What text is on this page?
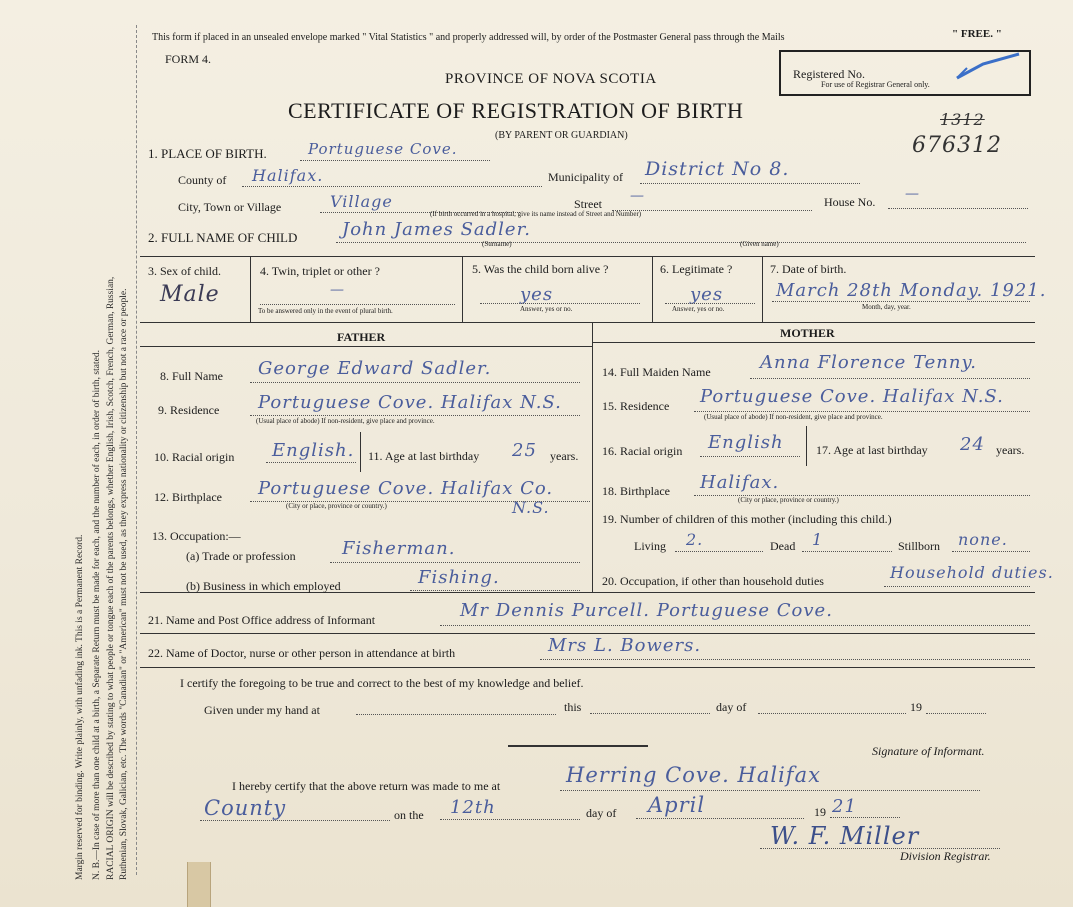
Margin reserved for binding. Write plainly, with unfading ink. This is a Permanent Record. N. B.—In case of more than one child at a birth, a Separate Return must be made for each, and the number of each, in order of birth, stated. RACIAL ORIGIN will be described by stating to what people or tongue each of the parents belongs, whether English, Irish, Scotch, French, German, Russian, Ruthenian, Slovak, Galician, etc. The words "Canadian" or "American" must not be used, as they express nationality or citizenship but not a race or people.
This form if placed in an unsealed envelope marked " Vital Statistics " and properly addressed will, by order of the Postmaster General pass through the Mails	" FREE. "
FORM 4.
PROVINCE OF NOVA SCOTIA
CERTIFICATE OF REGISTRATION OF BIRTH
(BY PARENT OR GUARDIAN)
Registered No.
For use of Registrar General only.
1312
676312
1. PLACE OF BIRTH.	Portuguese Cove.
County of Halifax.	Municipality of District No 8.
City, Town or Village	Village	Street —	House No. —
(If birth occurred in a hospital, give its name instead of Street and Number)
2. FULL NAME OF CHILD John James Sadler.
(Surname)	(Given name)
3. Sex of child.
Male
4. Twin, triplet or other ?
—
To be answered only in the event of plural birth.
5. Was the child born alive ?
yes
Answer, yes or no.
6. Legitimate ?
yes
Answer, yes or no.
7. Date of birth.
March 28th Monday. 1921.
Month, day, year.
FATHER	MOTHER
8. Full Name George Edward Sadler.
9. Residence Portuguese Cove. Halifax N.S.
(Usual place of abode) If non-resident, give place and province.
10. Racial origin English. 11. Age at last birthday 25 years.
12. Birthplace Portuguese Cove. Halifax Co.
N.S.
(City or place, province or country.)
13. Occupation:—
(a) Trade or profession	Fisherman.
(b) Business in which employed	Fishing.
14. Full Maiden Name	Anna Florence Tenny.
15. Residence Portuguese Cove. Halifax N.S.
(Usual place of abode) If non-resident, give place and province.
16. Racial origin English	17. Age at last birthday 24 years.
18. Birthplace Halifax.
(City or place, province or country.)
19. Number of children of this mother (including this child.)
Living 2.	Dead 1	Stillborn none.
20. Occupation, if other than household duties	Household duties.
21. Name and Post Office address of Informant	Mr Dennis Purcell. Portuguese Cove.
22. Name of Doctor, nurse or other person in attendance at birth	Mrs L. Bowers.
I certify the foregoing to be true and correct to the best of my knowledge and belief.
Given under my hand at	this	day of	19
Signature of Informant.
I hereby certify that the above return was made to me at	Herring Cove. Halifax
County	on the 12th	day of April	19 21
W. F. Miller
Division Registrar.
